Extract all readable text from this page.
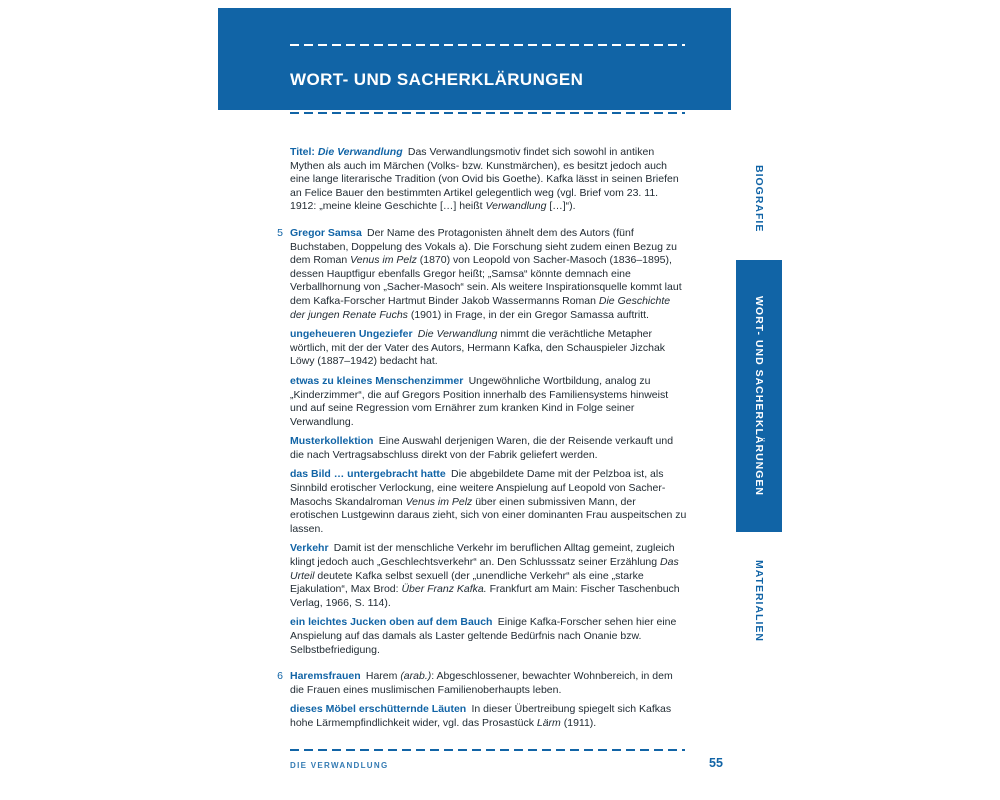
WORT- UND SACHERKLÄRUNGEN

Titel: Die Verwandlung Das Verwandlungsmotiv findet sich sowohl in antiken Mythen als auch im Märchen (Volks- bzw. Kunstmärchen), es besitzt jedoch auch eine lange literarische Tradition (von Ovid bis Goethe). Kafka lässt in seinen Briefen an Felice Bauer den bestimmten Artikel gelegentlich weg (vgl. Brief vom 23. 11. 1912: „meine kleine Geschichte […] heißt Verwandlung […]“).

5 Gregor Samsa Der Name des Protagonisten ähnelt dem des Autors (fünf Buchstaben, Doppelung des Vokals a). Die Forschung sieht zudem einen Bezug zu dem Roman Venus im Pelz (1870) von Leopold von Sacher-Masoch (1836–1895), dessen Hauptfigur ebenfalls Gregor heißt; „Samsa“ könnte demnach eine Verballhornung von „Sacher-Masoch“ sein. Als weitere Inspirationsquelle kommt laut dem Kafka-Forscher Hartmut Binder Jakob Wassermanns Roman Die Geschichte der jungen Renate Fuchs (1901) in Frage, in der ein Gregor Samassa auftritt.

ungeheueren Ungeziefer Die Verwandlung nimmt die verächtliche Metapher wörtlich, mit der der Vater des Autors, Hermann Kafka, den Schauspieler Jizchak Löwy (1887–1942) bedacht hat.

etwas zu kleines Menschenzimmer Ungewöhnliche Wortbildung, analog zu „Kinderzimmer“, die auf Gregors Position innerhalb des Familiensystems hinweist und auf seine Regression vom Ernährer zum kranken Kind in Folge seiner Verwandlung.

Musterkollektion Eine Auswahl derjenigen Waren, die der Reisende verkauft und die nach Vertragsabschluss direkt von der Fabrik geliefert werden.

das Bild … untergebracht hatte Die abgebildete Dame mit der Pelzboa ist, als Sinnbild erotischer Verlockung, eine weitere Anspielung auf Leopold von Sacher-Masochs Skandalroman Venus im Pelz über einen submissiven Mann, der erotischen Lustgewinn daraus zieht, sich von einer dominanten Frau auspeitschen zu lassen.

Verkehr Damit ist der menschliche Verkehr im beruflichen Alltag gemeint, zugleich klingt jedoch auch „Geschlechtsverkehr“ an. Den Schlusssatz seiner Erzählung Das Urteil deutete Kafka selbst sexuell (der „unendliche Verkehr“ als eine „starke Ejakulation“, Max Brod: Über Franz Kafka. Frankfurt am Main: Fischer Taschenbuch Verlag, 1966, S. 114).

ein leichtes Jucken oben auf dem Bauch Einige Kafka-Forscher sehen hier eine Anspielung auf das damals als Laster geltende Bedürfnis nach Onanie bzw. Selbstbefriedigung.

6 Haremsfrauen Harem (arab.): Abgeschlossener, bewachter Wohnbereich, in dem die Frauen eines muslimischen Familienoberhaupts leben.

dieses Möbel erschütternde Läuten In dieser Übertreibung spiegelt sich Kafkas hohe Lärmempfindlichkeit wider, vgl. das Prosastück Lärm (1911).

BIOGRAFIE
WORT- UND SACHERKLÄRUNGEN
MATERIALIEN
DIE VERWANDLUNG	55
